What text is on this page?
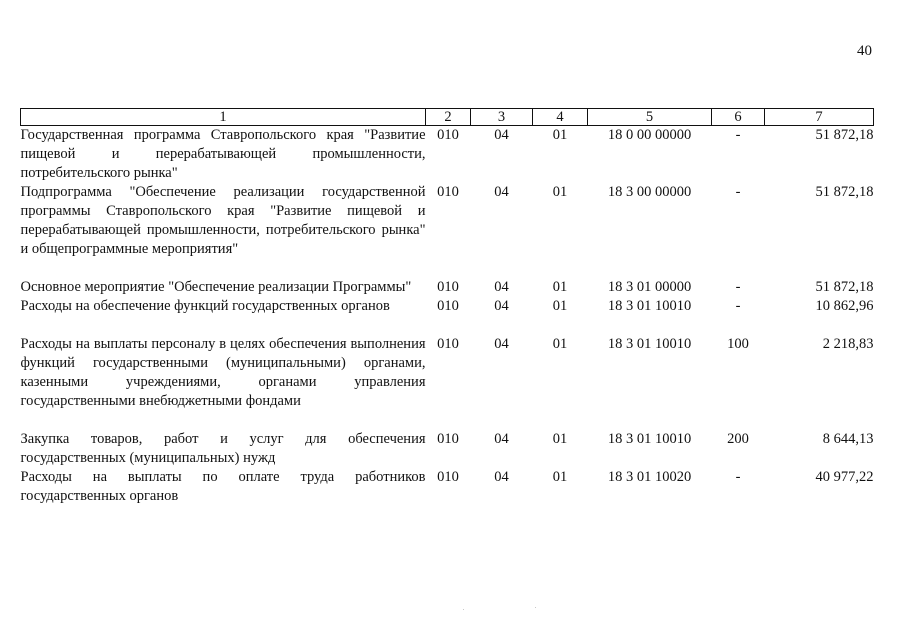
40
1	2	3	4	5	6	7
Государственная программа Ставропольского края "Развитие пищевой и перерабатывающей промышленности, потребительского рынка"	010	04	01	18 0 00 00000	-	51 872,18
Подпрограмма "Обеспечение реализации государственной программы Ставропольского края "Развитие пищевой и перерабатывающей промышленности, потребительского рынка" и общепрограммные мероприятия"	010	04	01	18 3 00 00000	-	51 872,18
Основное мероприятие "Обеспечение реализации Программы"	010	04	01	18 3 01 00000	-	51 872,18
Расходы на обеспечение функций государственных органов	010	04	01	18 3 01 10010	-	10 862,96
Расходы на выплаты персоналу в целях обеспечения выполнения функций государственными (муниципальными) органами, казенными учреждениями, органами управления государственными внебюджетными фондами	010	04	01	18 3 01 10010	100	2 218,83
Закупка товаров, работ и услуг для обеспечения государственных (муниципальных) нужд	010	04	01	18 3 01 10010	200	8 644,13
Расходы на выплаты по оплате труда работников государственных органов	010	04	01	18 3 01 10020	-	40 977,22
